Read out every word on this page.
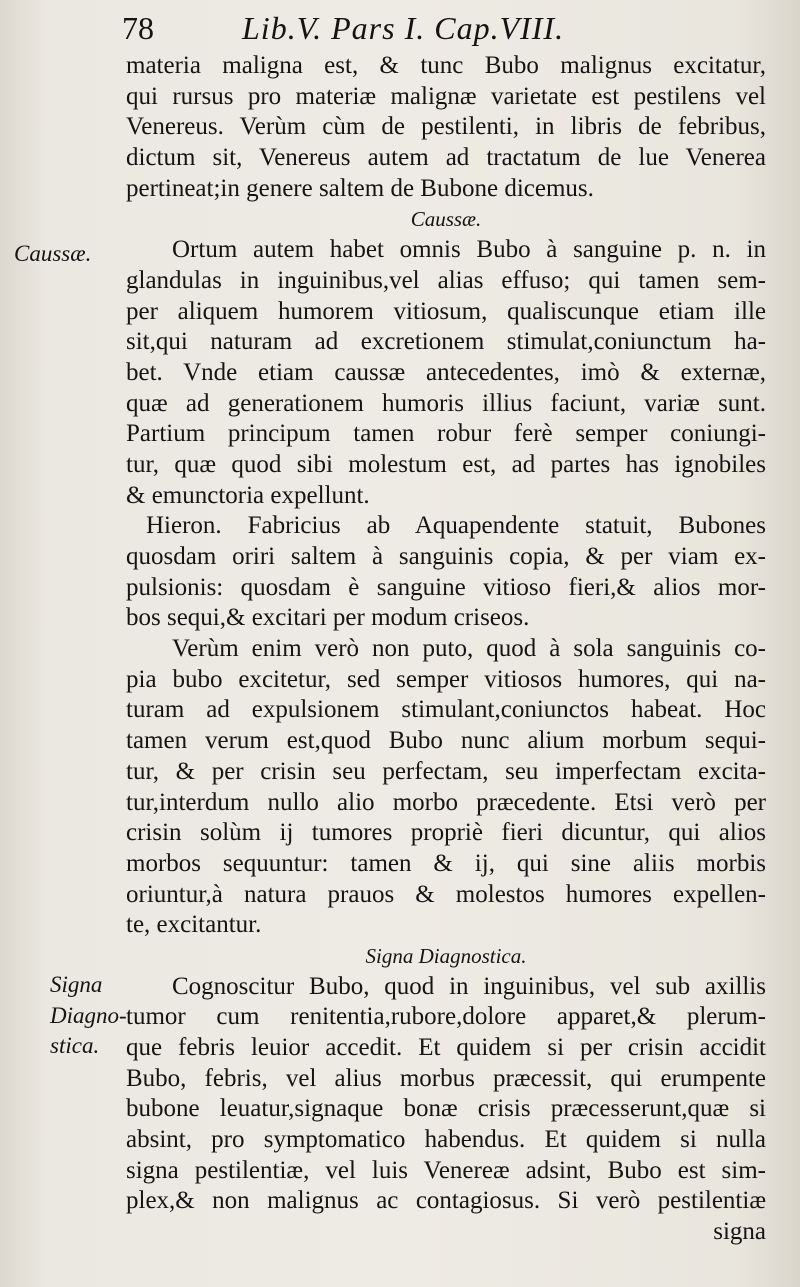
78	Lib.V. Pars I. Cap.VIII.
Caussæ.
Signa
Diagno-
stica.
materia maligna est, & tunc Bubo malignus excitatur,
qui rursus pro materiæ malignæ varietate est pestilens vel
Venereus. Verùm cùm de pestilenti, in libris de febribus,
dictum sit, Venereus autem ad tractatum de lue Venerea
pertineat;in genere saltem de Bubone dicemus.
Caussæ.
Ortum autem habet omnis Bubo à sanguine p. n. in
glandulas in inguinibus,vel alias effuso; qui tamen sem-
per aliquem humorem vitiosum, qualiscunque etiam ille
sit,qui naturam ad excretionem stimulat,coniunctum ha-
bet. Vnde etiam caussæ antecedentes, imò & externæ,
quæ ad generationem humoris illius faciunt, variæ sunt.
Partium principum tamen robur ferè semper coniungi-
tur, quæ quod sibi molestum est, ad partes has ignobiles
& emunctoria expellunt.
Hieron. Fabricius ab Aquapendente statuit, Bubones
quosdam oriri saltem à sanguinis copia, & per viam ex-
pulsionis: quosdam è sanguine vitioso fieri,& alios mor-
bos sequi,& excitari per modum criseos.
Verùm enim verò non puto, quod à sola sanguinis co-
pia bubo excitetur, sed semper vitiosos humores, qui na-
turam ad expulsionem stimulant,coniunctos habeat. Hoc
tamen verum est,quod Bubo nunc alium morbum sequi-
tur, & per crisin seu perfectam, seu imperfectam excita-
tur,interdum nullo alio morbo præcedente. Etsi verò per
crisin solùm ij tumores propriè fieri dicuntur, qui alios
morbos sequuntur: tamen & ij, qui sine aliis morbis
oriuntur,à natura prauos & molestos humores expellen-
te, excitantur.
Signa Diagnostica.
Cognoscitur Bubo, quod in inguinibus, vel sub axillis
tumor cum renitentia,rubore,dolore apparet,& plerum-
que febris leuior accedit. Et quidem si per crisin accidit
Bubo, febris, vel alius morbus præcessit, qui erumpente
bubone leuatur,signaque bonæ crisis præcesserunt,quæ si
absint, pro symptomatico habendus. Et quidem si nulla
signa pestilentiæ, vel luis Venereæ adsint, Bubo est sim-
plex,& non malignus ac contagiosus. Si verò pestilentiæ
signa
